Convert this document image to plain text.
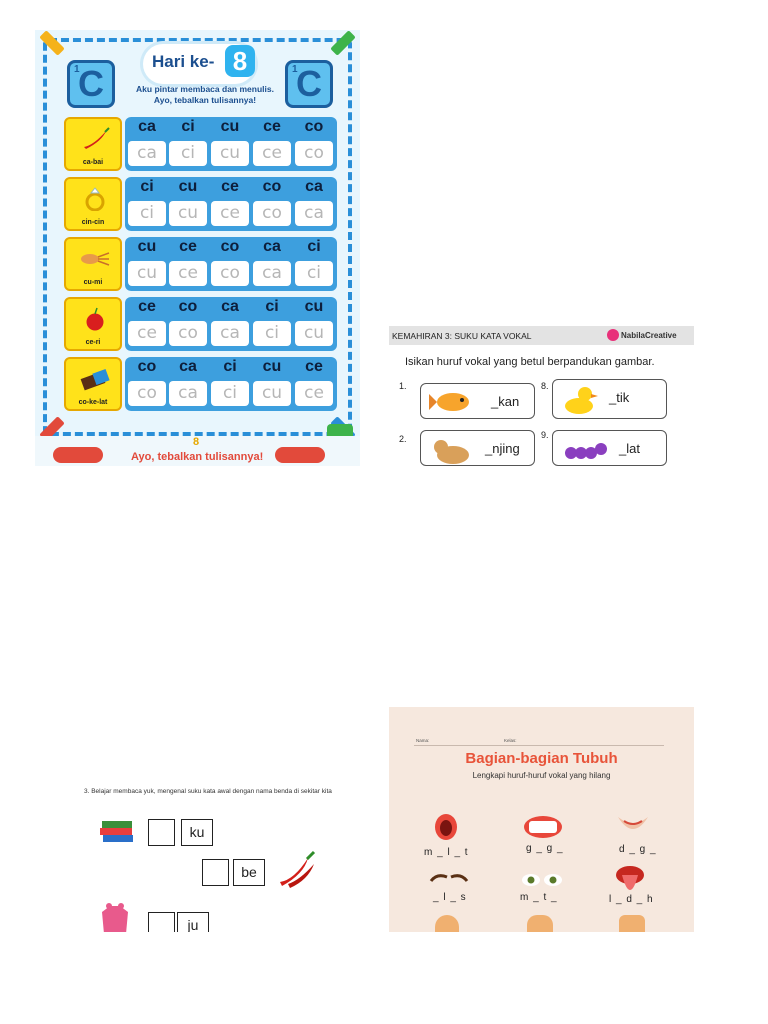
1
C	1
C
Hari ke- 8
Aku pintar membaca dan menulis.
Ayo, tebalkan tulisannya!
ca-bai
ca	ci	cu	ce	co
ca	ci	cu	ce	co
cin-cin
ci	cu	ce	co	ca
ci	cu	ce	co	ca
cu-mi
cu	ce	co	ca	ci
cu	ce	co	ca	ci
ce-ri
ce	co	ca	ci	cu
ce	co	ca	ci	cu
co-ke-lat
co	ca	ci	cu	ce
co	ca	ci	cu	ce
8
Ayo, tebalkan tulisannya!
KEMAHIRAN 3: SUKU KATA VOKAL	NabilaCreative
Isikan huruf vokal yang betul berpandukan gambar.
1.
_kan
8.
_tik
2.
_njing
9.
_lat
3. Belajar membaca yuk, mengenal suku kata awal dengan nama benda di sekitar kita
ku
be
ju
Nama:	Kelas:
Bagian-bagian Tubuh
Lengkapi huruf-huruf vokal yang hilang
m _ l _ t	g _ g _	d _ g _
_ l _ s	m _ t _	l _ d _ h
